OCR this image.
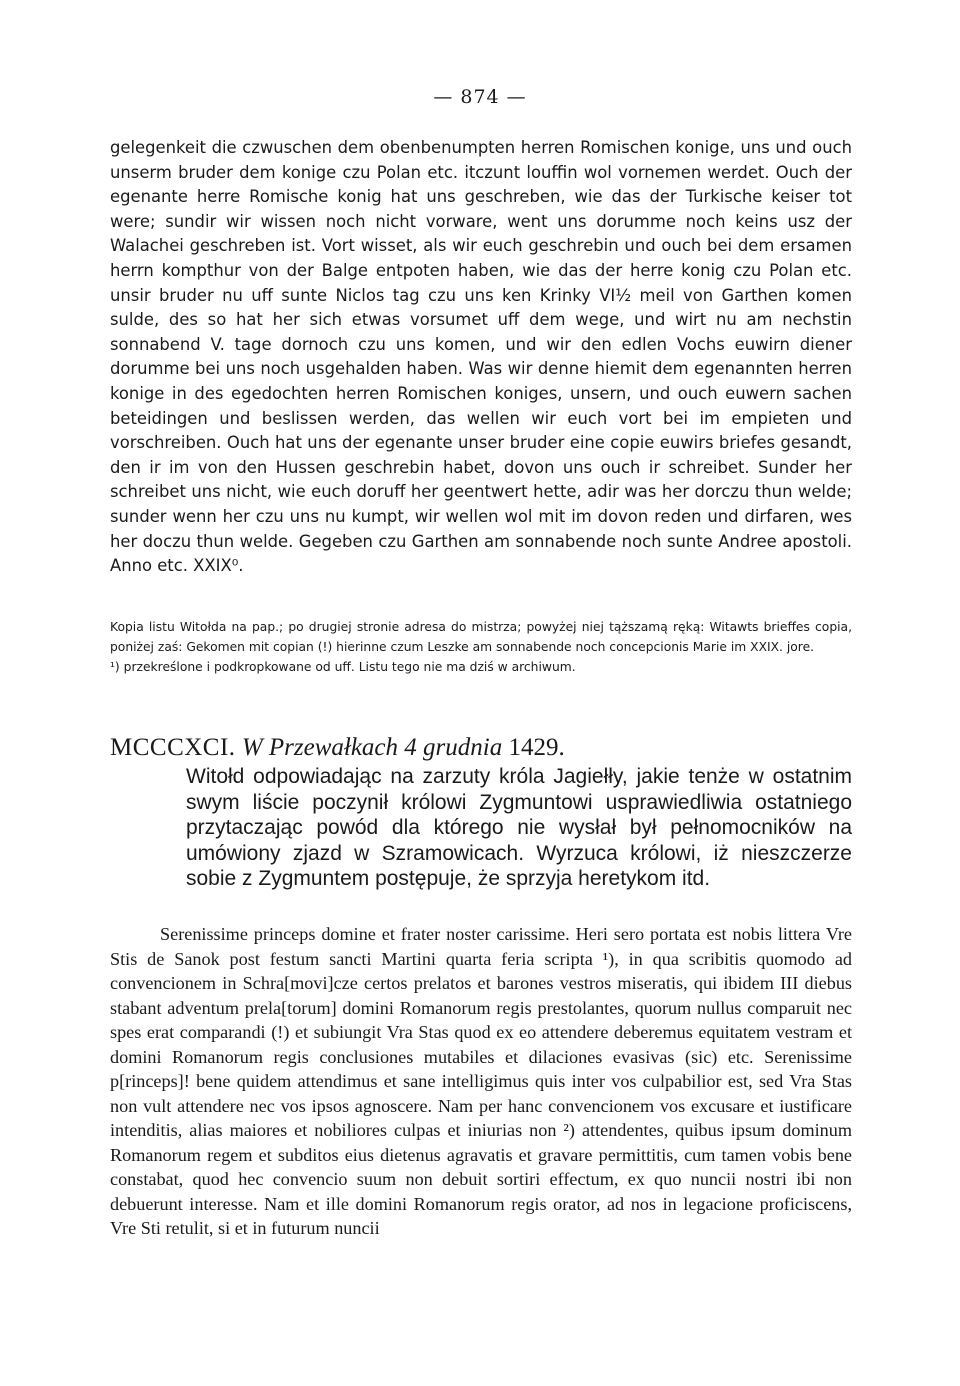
— 874 —

gelegenkeit die czwuschen dem obenbenumpten herren Romischen konige, uns und ouch unserm bruder dem konige czu Polan etc. itczunt louffin wol vornemen werdet. Ouch der egenante herre Romische konig hat uns geschreben, wie das der Turkische keiser tot were; sundir wir wissen noch nicht vorware, went uns dorumme noch keins usz der Walachei geschreben ist. Vort wisset, als wir euch geschrebin und ouch bei dem ersamen herrn kompthur von der Balge entpoten haben, wie das der herre konig czu Polan etc. unsir bruder nu uff sunte Niclos tag czu uns ken Krinky VI½ meil von Garthen komen sulde, des so hat her sich etwas vorsumet uff dem wege, und wirt nu am nechstin sonnabend V. tage dornoch czu uns komen, und wir den edlen Vochs euwirn diener dorumme bei uns noch usgehalden haben. Was wir denne hiemit dem egenannten herren konige in des egedochten herren Romischen koniges, unsern, und ouch euwern sachen beteidingen und beslissen werden, das wellen wir euch vort bei im empieten und vorschreiben. Ouch hat uns der egenante unser bruder eine copie euwirs briefes gesandt, den ir im von den Hussen geschrebin habet, dovon uns ouch ir schreibet. Sunder her schreibet uns nicht, wie euch doruff her geentwert hette, adir was her dorczu thun welde; sunder wenn her czu uns nu kumpt, wir wellen wol mit im dovon reden und dirfaren, wes her doczu thun welde. Gegeben czu Garthen am sonnabende noch sunte Andree apostoli. Anno etc. XXIX⁰.

Kopia listu Witołda na pap.; po drugiej stronie adresa do mistrza; powyżej niej tąższamą ręką: Witawts brieffes copia, poniżej zaś: Gekomen mit copian (!) hierinne czum Leszke am sonnabende noch concepcionis Marie im XXIX. jore.

¹) przekreślone i podkropkowane od uff. Listu tego nie ma dziś w archiwum.

MCCCXCI. W Przewałkach 4 grudnia 1429.

Witołd odpowiadając na zarzuty króla Jagiełły, jakie tenże w ostatnim swym liście poczynił królowi Zygmuntowi usprawiedliwia ostatniego przytaczając powód dla którego nie wysłał był pełnomocników na umówiony zjazd w Szramowicach. Wyrzuca królowi, iż nieszczerze sobie z Zygmuntem postępuje, że sprzyja heretykom itd.

Serenissime princeps domine et frater noster carissime. Heri sero portata est nobis littera Vre Stis de Sanok post festum sancti Martini quarta feria scripta ¹), in qua scribitis quomodo ad convencionem in Schra[movi]cze certos prelatos et barones vestros miseratis, qui ibidem III diebus stabant adventum prela[torum] domini Romanorum regis prestolantes, quorum nullus comparuit nec spes erat comparandi (!) et subiungit Vra Stas quod ex eo attendere deberemus equitatem vestram et domini Romanorum regis conclusiones mutabiles et dilaciones evasivas (sic) etc. Serenissime p[rinceps]! bene quidem attendimus et sane intelligimus quis inter vos culpabilior est, sed Vra Stas non vult attendere nec vos ipsos agnoscere. Nam per hanc convencionem vos excusare et iustificare intenditis, alias maiores et nobiliores culpas et iniurias non ²) attendentes, quibus ipsum dominum Romanorum regem et subditos eius dietenus agravatis et gravare permittitis, cum tamen vobis bene constabat, quod hec convencio suum non debuit sortiri effectum, ex quo nuncii nostri ibi non debuerunt interesse. Nam et ille domini Romanorum regis orator, ad nos in legacione proficiscens, Vre Sti retulit, si et in futurum nuncii
